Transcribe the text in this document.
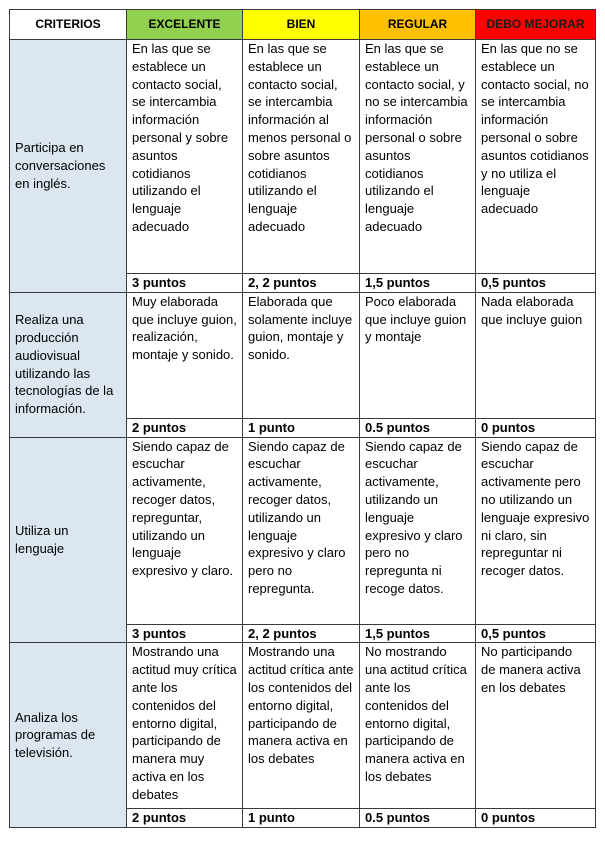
CRITERIOS	EXCELENTE	BIEN	REGULAR	DEBO MEJORAR
Participa en conversaciones en inglés.	En las que se establece un contacto social, se intercambia información personal y sobre asuntos cotidianos utilizando el lenguaje adecuado	En las que se establece un contacto social, se intercambia información al menos personal o sobre asuntos cotidianos utilizando el lenguaje adecuado	En las que se establece un contacto social, y no se intercambia información personal o sobre asuntos cotidianos utilizando el lenguaje adecuado	En las que no se establece un contacto social, no se intercambia información personal o sobre asuntos cotidianos y no utiliza el lenguaje adecuado
	3 puntos	2, 2 puntos	1,5 puntos	0,5 puntos
Realiza una producción audiovisual utilizando las tecnologías de la información.	Muy elaborada que incluye guion, realización, montaje y sonido.	Elaborada que solamente incluye guion, montaje y sonido.	Poco elaborada que incluye guion y montaje	Nada elaborada que incluye guion
	2 puntos	1 punto	0.5 puntos	0 puntos
Utiliza un lenguaje	Siendo capaz de escuchar activamente, recoger datos, repreguntar, utilizando un lenguaje expresivo y claro.	Siendo capaz de escuchar activamente, recoger datos, utilizando un lenguaje expresivo y claro pero no repregunta.	Siendo capaz de escuchar activamente, utilizando un lenguaje expresivo y claro pero no repregunta ni recoge datos.	Siendo capaz de escuchar activamente pero no utilizando un lenguaje expresivo ni claro, sin repreguntar ni recoger datos.
	3 puntos	2, 2 puntos	1,5 puntos	0,5 puntos
Analiza los programas de televisión.	Mostrando una actitud muy crítica ante los contenidos del entorno digital, participando de manera muy activa en los debates	Mostrando una actitud crítica ante los contenidos del entorno digital, participando de manera activa en los debates	No mostrando una actitud crítica ante los contenidos del entorno digital, participando de manera activa en los debates	No participando de manera activa en los debates
	2 puntos	1 punto	0.5 puntos	0 puntos
